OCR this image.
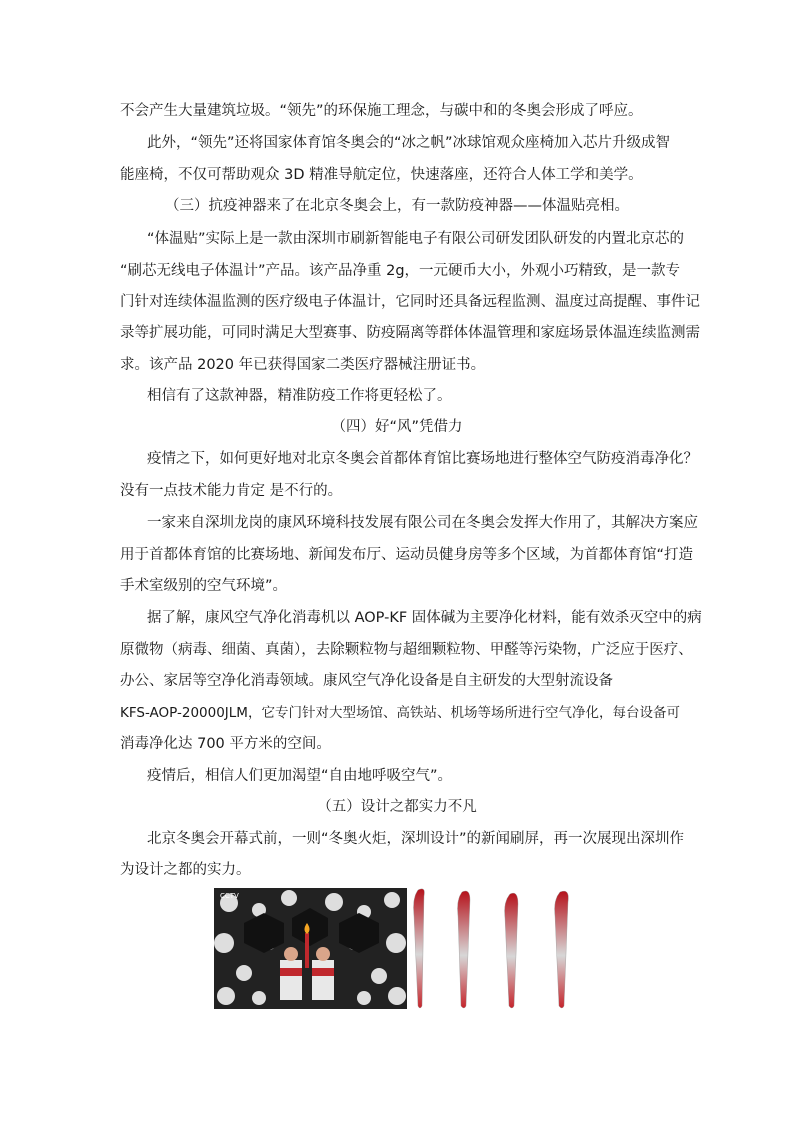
不会产生大量建筑垃圾。“领先”的环保施工理念，与碳中和的冬奥会形成了呼应。
此外，“领先”还将国家体育馆冬奥会的“冰之帆”冰球馆观众座椅加入芯片升级成智
能座椅，不仅可帮助观众 3D 精准导航定位，快速落座，还符合人体工学和美学。
（三）抗疫神器来了在北京冬奥会上，有一款防疫神器——体温贴亮相。
“体温贴”实际上是一款由深圳市刷新智能电子有限公司研发团队研发的内置北京芯的
“刷芯无线电子体温计”产品。该产品净重 2g，一元硬币大小，外观小巧精致，是一款专
门针对连续体温监测的医疗级电子体温计，它同时还具备远程监测、温度过高提醒、事件记
录等扩展功能，可同时满足大型赛事、防疫隔离等群体体温管理和家庭场景体温连续监测需
求。该产品 2020 年已获得国家二类医疗器械注册证书。
相信有了这款神器，精准防疫工作将更轻松了。
（四）好“风”凭借力
疫情之下，如何更好地对北京冬奥会首都体育馆比赛场地进行整体空气防疫消毒净化？
没有一点技术能力肯定 是不行的。
一家来自深圳龙岗的康风环境科技发展有限公司在冬奥会发挥大作用了，其解决方案应
用于首都体育馆的比赛场地、新闻发布厅、运动员健身房等多个区域，为首都体育馆“打造
手术室级别的空气环境”。
据了解，康风空气净化消毒机以 AOP-KF 固体碱为主要净化材料，能有效杀灭空中的病
原微物（病毒、细菌、真菌），去除颗粒物与超细颗粒物、甲醛等污染物，广泛应于医疗、
办公、家居等空净化消毒领域。康风空气净化设备是自主研发的大型射流设备
KFS-AOP-20000JLM，它专门针对大型场馆、高铁站、机场等场所进行空气净化，每台设备可
消毒净化达 700 平方米的空间。
疫情后，相信人们更加渴望“自由地呼吸空气”。
（五）设计之都实力不凡
北京冬奥会开幕式前，一则“冬奥火炬，深圳设计”的新闻刷屏，再一次展现出深圳作
为设计之都的实力。
CCTV
